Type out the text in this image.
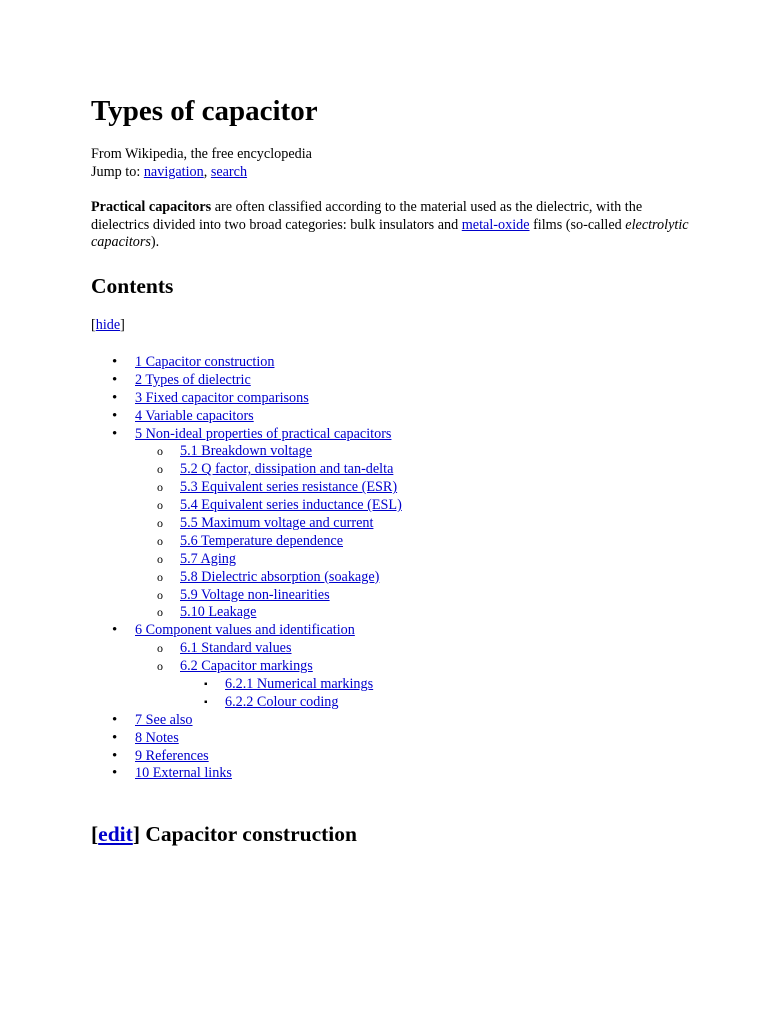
Types of capacitor
From Wikipedia, the free encyclopedia
Jump to: navigation, search

Practical capacitors are often classified according to the material used as the dielectric, with the dielectrics divided into two broad categories: bulk insulators and metal-oxide films (so-called electrolytic capacitors).

Contents
[hide]
• 1 Capacitor construction
• 2 Types of dielectric
• 3 Fixed capacitor comparisons
• 4 Variable capacitors
• 5 Non-ideal properties of practical capacitors
o 5.1 Breakdown voltage
o 5.2 Q factor, dissipation and tan-delta
o 5.3 Equivalent series resistance (ESR)
o 5.4 Equivalent series inductance (ESL)
o 5.5 Maximum voltage and current
o 5.6 Temperature dependence
o 5.7 Aging
o 5.8 Dielectric absorption (soakage)
o 5.9 Voltage non-linearities
o 5.10 Leakage
• 6 Component values and identification
o 6.1 Standard values
o 6.2 Capacitor markings
▪ 6.2.1 Numerical markings
▪ 6.2.2 Colour coding
• 7 See also
• 8 Notes
• 9 References
• 10 External links
[edit] Capacitor construction
